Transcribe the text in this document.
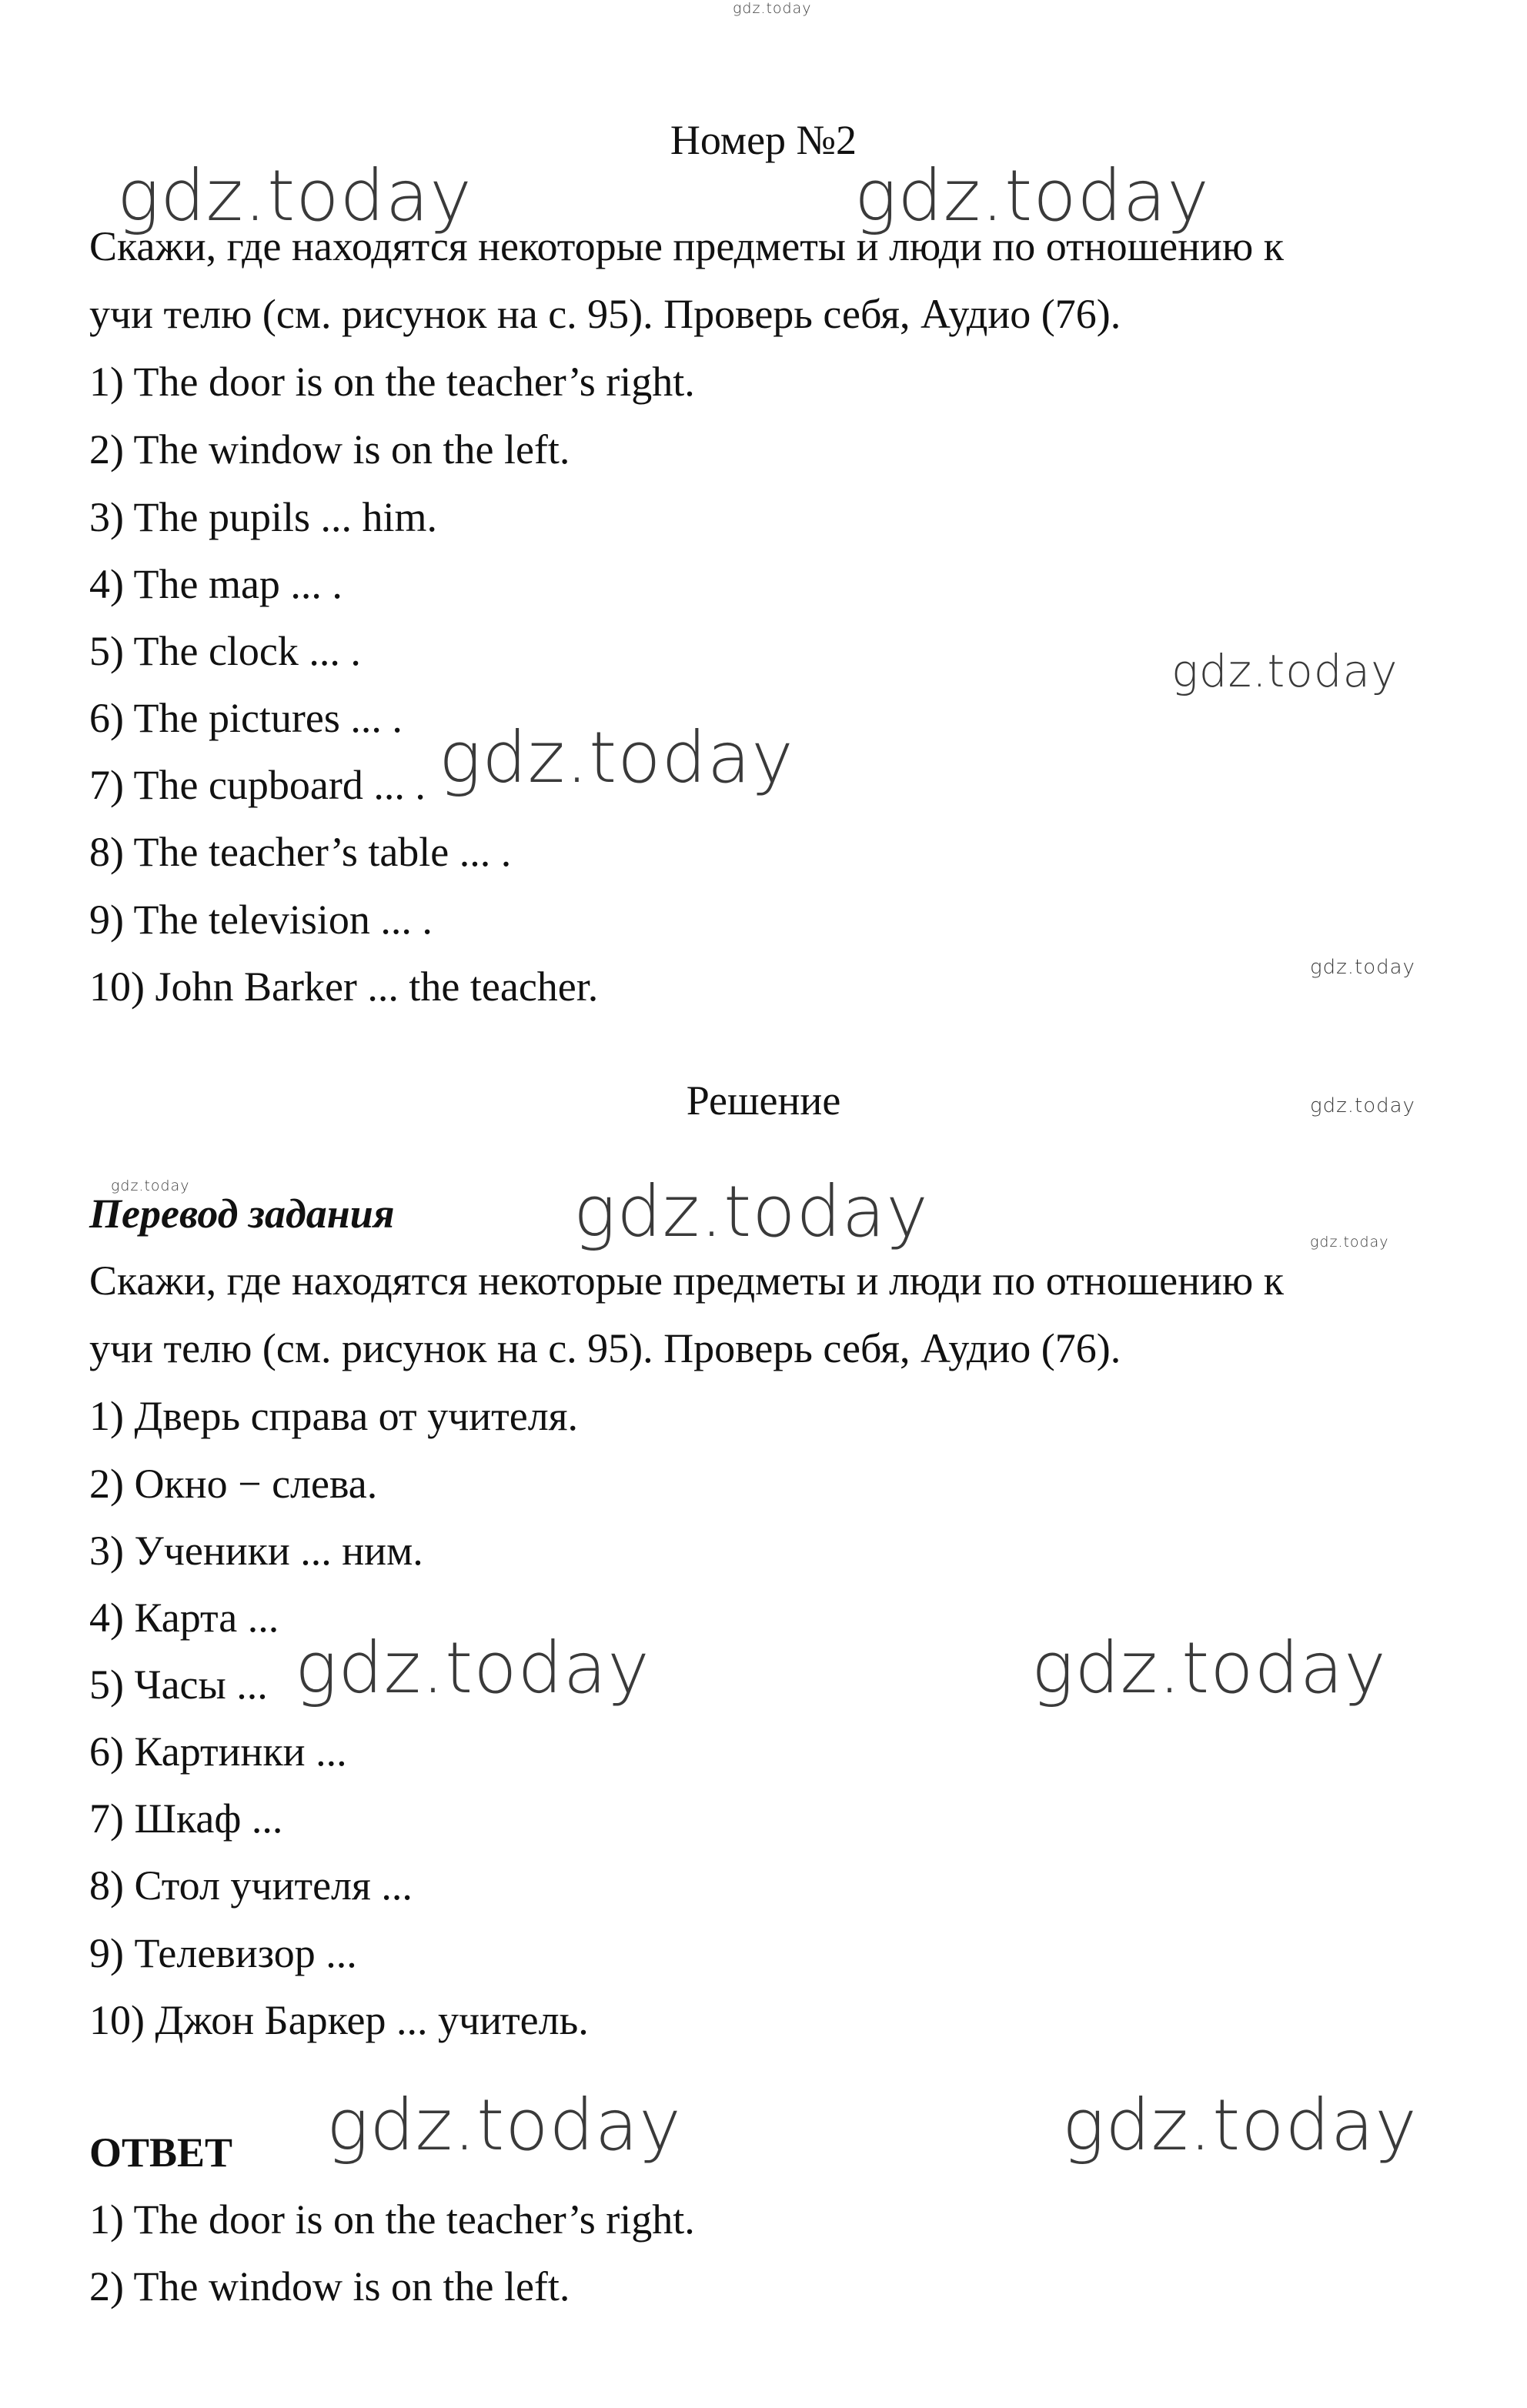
gdz.today
Номер №2
Скажи, где находятся некоторые предметы и люди по отношению к
учи телю (см. рисунок на с. 95). Проверь себя, Аудио (76).
1) The door is on the teacher’s right.
2) The window is on the left.
3) The pupils ... him.
4) The map ... .
5) The clock ... .
6) The pictures ... .
7) The cupboard ... .
8) The teacher’s table ... .
9) The television ... .
10) John Barker ... the teacher.
Решение
Перевод задания
Скажи, где находятся некоторые предметы и люди по отношению к
учи телю (см. рисунок на с. 95). Проверь себя, Аудио (76).
1) Дверь справа от учителя.
2) Окно − слева.
3) Ученики ... ним.
4) Карта ...
5) Часы ...
6) Картинки ...
7) Шкаф ...
8) Стол учителя ...
9) Телевизор ...
10) Джон Баркер ... учитель.
ОТВЕТ
1) The door is on the teacher’s right.
2) The window is on the left.
gdz.today	gdz.today
gdz.today
gdz.today
gdz.today
gdz.today
gdz.today	gdz.today	gdz.today
gdz.today	gdz.today
gdz.today	gdz.today
